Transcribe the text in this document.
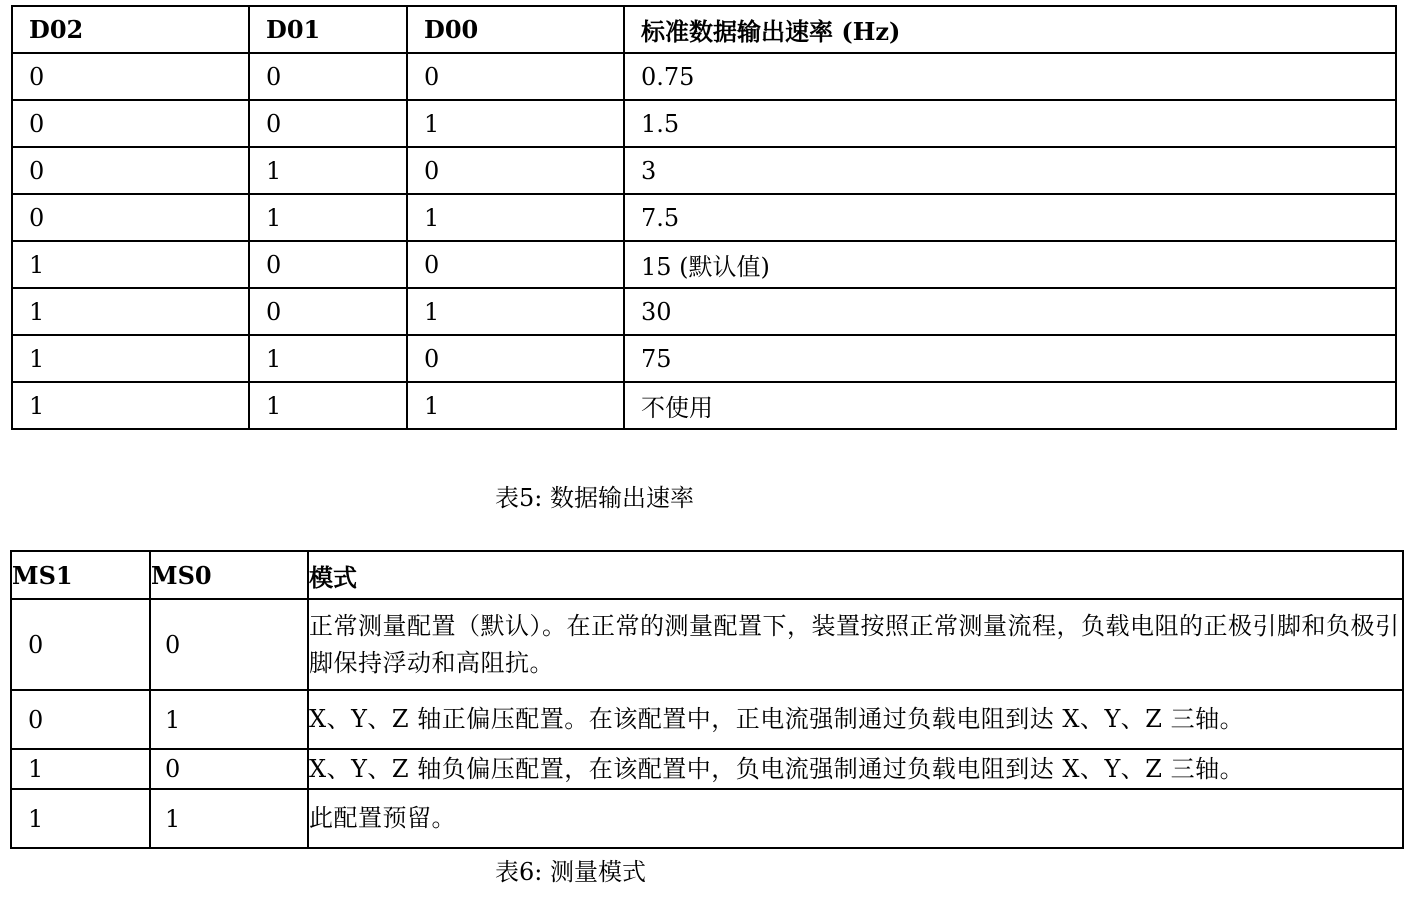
D02	D01	D00	标准数据输出速率 (Hz)
0	0	0	0.75
0	0	1	1.5
0	1	0	3
0	1	1	7.5
1	0	0	15 (默认值)
1	0	1	30
1	1	0	75
1	1	1	不使用
表5: 数据输出速率
MS1	MS0	模式
0	0	正常测量配置（默认）。在正常的测量配置下，装置按照正常测量流程，负载电阻的正极引脚和负极引脚保持浮动和高阻抗。
0	1	X、Y、Z 轴正偏压配置。在该配置中，正电流强制通过负载电阻到达 X、Y、Z 三轴。
1	0	X、Y、Z 轴负偏压配置，在该配置中，负电流强制通过负载电阻到达 X、Y、Z 三轴。
1	1	此配置预留。
表6: 测量模式
